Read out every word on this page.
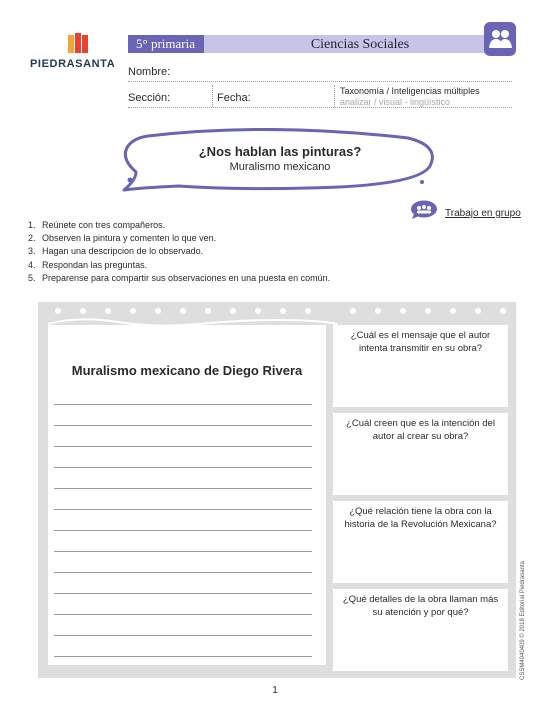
PIEDRASANTA
5° primaria	Ciencias Sociales
Nombre:
Sección:	Fecha:
Taxonomía / Inteligencias múltiples
analizar / visual - lingüístico
¿Nos hablan las pinturas?
Muralismo mexicano
Trabajo en grupo
1. Reúnete con tres compañeros.
2. Observen la pintura y comenten lo que ven.
3. Hagan una descripcion de lo observado.
4. Respondan las preguntas.
5. Preparense para compartir sus observaciones en una puesta en común.
Muralismo mexicano de Diego Rivera
¿Cuál es el mensaje que el autor intenta transmitir en su obra?
¿Cuál creen que es la intención del autor al crear su obra?
¿Qué relación tiene la obra con la historia de la Revolución Mexicana?
¿Qué detalles de la obra llaman más su atención y por qué?	CSSM4040409 © 2018 Editorial Piedrasanta
1
